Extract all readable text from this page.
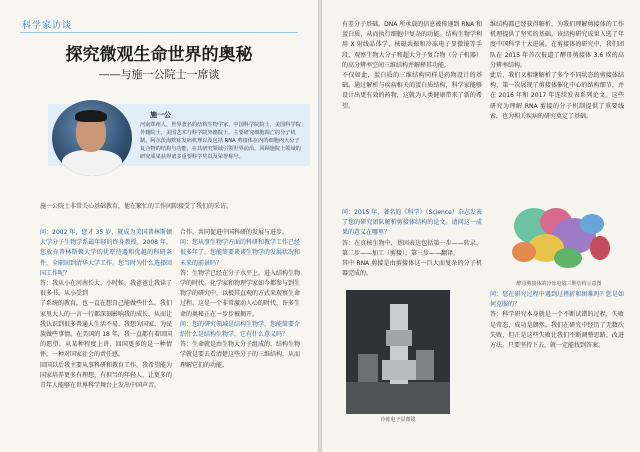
科学家访谈
探究微观生命世界的奥秘
——与施一公院士一席谈
施一公
河南郑州人，世界著名的结构生物学家，中国科学院院士，美国科学院外籍院士，美国艺术与科学院外籍院士。主要研究细胞凋亡的分子机制、阿尔茨海默症发病机理以及包括 RNA 剪接体在内的细胞内大分子复合物的结构与功能，在其研究领域引领世界前沿。回顾施院士领域的研究成果获得诸多重要科学奖以及荣誉称号。
施一公院士非常关心基础教育，他在繁忙的工作间隙接受了我们的采访。

问：2002 年，您才 35 岁，就成为美国普林斯顿大学分子生物学系最年轻的终身教授。2008 年，您放弃普林斯顿大学的优厚待遇和优越的科研条件，全职回到清华大学工作。您当时为什么选择回国工作呢？

答：我从小在河南长大，小时候，我爸爸让我读了很多书，从小受到

了系统的教育，也一直在想自己能做些什么。我们家里大人的一言一行都深刻影响我的成长，从而让我认识到很多普通人生活不易、我想为国家、为民族做些事情。在美国的 18 年，我一直都有着回国的愿望。从某种程度上讲，回国更多的是一种情怀，一种对国家社会的责任感。

回国以后我主要从事科研和教育工作，我希望能为国家培养更多有理想、有担当的年轻人，让更多的青年人能够在世界科学舞台上发出中国声音。

合作，共同促进中国科研的发展与进步。

问：您从事生物学方面的科研和教学工作已经很多年了，您能简要谈谈生物学的发展状况和未来的前景吗？

答：生物学已经在分子水平上，进入结构生物学的时代。化学家和物理学家如今都参与到生物学的研究中，以极其直观的方式来观察生命过程。这是一个非常激动人心的时代，许多生命的奥秘正在一步步被揭开。

问：您的研究领域是结构生物学，您能简要介绍什么是结构生物学，它有什么意义吗？

答：生命就是由生物大分子组成的，结构生物学就是要去看清楚这些分子的三维结构，从而理解它们的功能。

有差分子基础。DNA 所承载的信息被传递到 RNA 和蛋白质，从而执行细胞中复杂的功能。结构生物学利用 X 射线晶体学、核磁共振和冷冻电子显微镜等手段，观察生物大分子和超大分子复合物（分子机器）的高分辨率空间三维结构并解释其功能。

不仅如此，蛋白质的三维结构同样是药物设计的基础。通过解析与疾病相关的蛋白质结构，科学家能够设计出更有效的药物，这就为人类健康带来了新的希望。

维结构都已经获得解析，为我们理解剪接体的工作机理提供了坚实的基础。该结构研究成果入选了年度中国科学十大进展。在剪接体的研究中，我们团队在 2015 年首次报道了酵母剪接体 3.6 埃的高分辨率结构。

此后，我们又相继解析了多个不同状态的剪接体结构，第一次展现了剪接体催化中心的结构细节，并在 2016 年和 2017 年连续发表系列论文。这些研究为理解 RNA 剪接的分子机制提供了重要线索，也为相关疾病的研究奠定了基础。

问：2015 年，著名的《科学》（Science）杂志发表了您的研究团队解析剪接体结构的论文。请问这一成果的意义在哪里？

答：在真核生物中，基因表达包括第一步——转录，第二步——加工（剪接），第三步——翻译。

其中 RNA 剪接是由剪接体这一巨大而复杂的分子机器完成的。

酵母剪接体的冷冻电镜三维结构示意图
冷冻电子显微镜

问：您在研究过程中遇到过挫折和困难吗？您是如何克服的？

答：科学研究本身就是一个不断试错的过程，失败是常态，成功是偶然。我们在研究中经历了无数次失败，但正是这些失败让我们不断调整思路、改进方法。只要坚持下去，就一定能找到答案。
